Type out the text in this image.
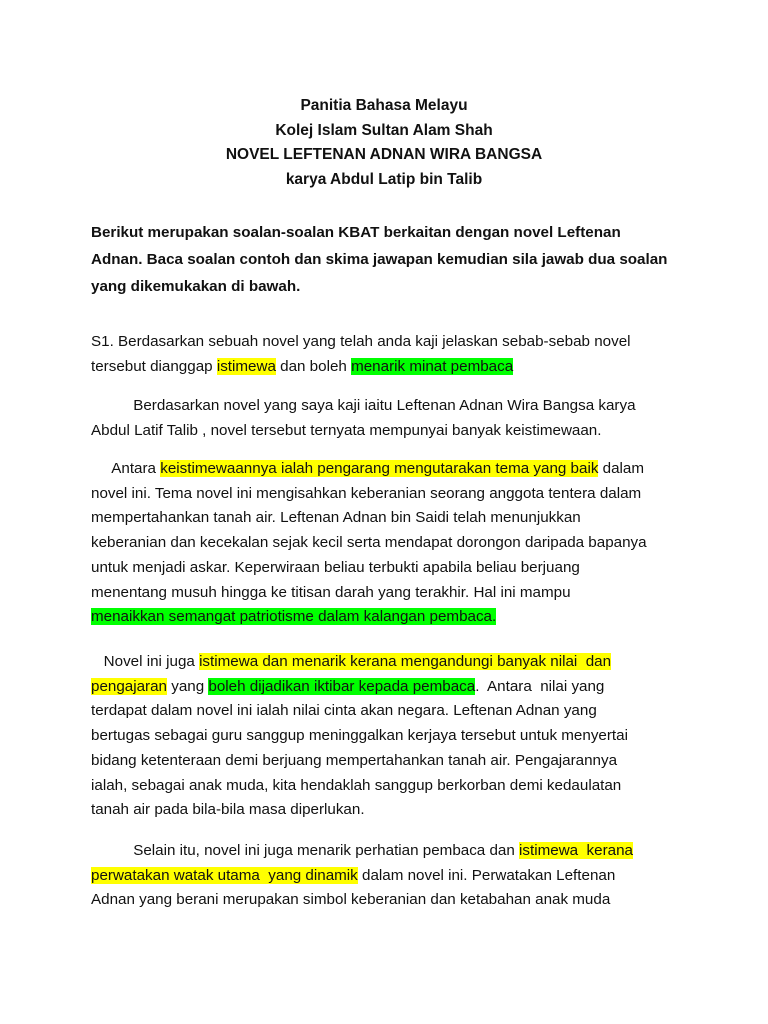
Panitia Bahasa Melayu
Kolej Islam Sultan Alam Shah
NOVEL LEFTENAN ADNAN WIRA BANGSA
karya Abdul Latip bin Talib
Berikut merupakan soalan-soalan KBAT berkaitan dengan novel Leftenan
Adnan. Baca soalan contoh dan skima jawapan kemudian sila jawab dua soalan
yang dikemukakan di bawah.
S1. Berdasarkan sebuah novel yang telah anda kaji jelaskan sebab-sebab novel
tersebut dianggap istimewa dan boleh menarik minat pembaca
Berdasarkan novel yang saya kaji iaitu Leftenan Adnan Wira Bangsa karya
Abdul Latif Talib , novel tersebut ternyata mempunyai banyak keistimewaan.
Antara keistimewaannya ialah pengarang mengutarakan tema yang baik dalam
novel ini. Tema novel ini mengisahkan keberanian seorang anggota tentera dalam
mempertahankan tanah air. Leftenan Adnan bin Saidi telah menunjukkan
keberanian dan kecekalan sejak kecil serta mendapat dorongon daripada bapanya
untuk menjadi askar. Keperwiraan beliau terbukti apabila beliau berjuang
menentang musuh hingga ke titisan darah yang terakhir. Hal ini mampu
menaikkan semangat patriotisme dalam kalangan pembaca.
Novel ini juga istimewa dan menarik kerana mengandungi banyak nilai  dan
pengajaran yang boleh dijadikan iktibar kepada pembaca.  Antara  nilai yang
terdapat dalam novel ini ialah nilai cinta akan negara. Leftenan Adnan yang
bertugas sebagai guru sanggup meninggalkan kerjaya tersebut untuk menyertai
bidang ketenteraan demi berjuang mempertahankan tanah air. Pengajarannya
ialah, sebagai anak muda, kita hendaklah sanggup berkorban demi kedaulatan
tanah air pada bila-bila masa diperlukan.
Selain itu, novel ini juga menarik perhatian pembaca dan istimewa  kerana
perwatakan watak utama  yang dinamik dalam novel ini. Perwatakan Leftenan
Adnan yang berani merupakan simbol keberanian dan ketabahan anak muda
